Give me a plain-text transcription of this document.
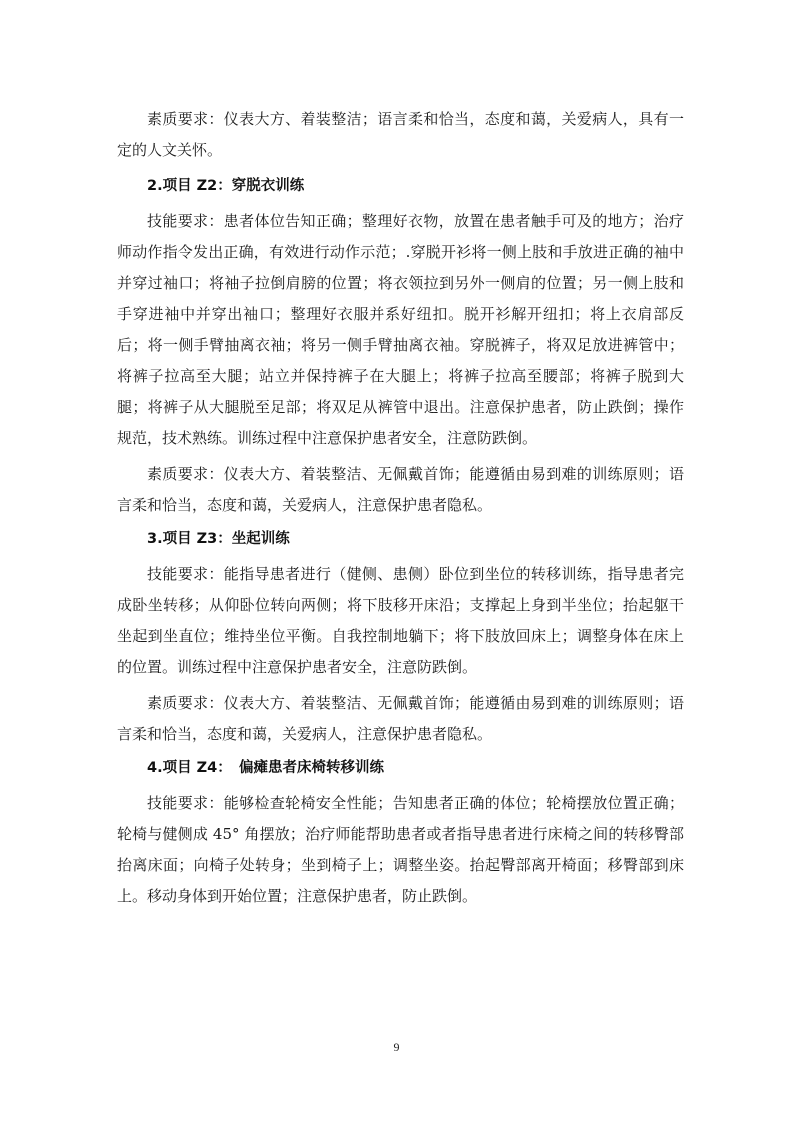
素质要求：仪表大方、着装整洁；语言柔和恰当，态度和蔼，关爱病人，具有一定的人文关怀。

2.项目 Z2：穿脱衣训练

技能要求：患者体位告知正确；整理好衣物，放置在患者触手可及的地方；治疗师动作指令发出正确，有效进行动作示范；.穿脱开衫将一侧上肢和手放进正确的袖中并穿过袖口；将袖子拉倒肩膀的位置；将衣领拉到另外一侧肩的位置；另一侧上肢和手穿进袖中并穿出袖口；整理好衣服并系好纽扣。脱开衫解开纽扣；将上衣肩部反后；将一侧手臂抽离衣袖；将另一侧手臂抽离衣袖。穿脱裤子，将双足放进裤管中；将裤子拉高至大腿；站立并保持裤子在大腿上；将裤子拉高至腰部；将裤子脱到大腿；将裤子从大腿脱至足部；将双足从裤管中退出。注意保护患者，防止跌倒；操作规范，技术熟练。训练过程中注意保护患者安全，注意防跌倒。

素质要求：仪表大方、着装整洁、无佩戴首饰；能遵循由易到难的训练原则；语言柔和恰当，态度和蔼，关爱病人，注意保护患者隐私。

3.项目 Z3：坐起训练

技能要求：能指导患者进行（健侧、患侧）卧位到坐位的转移训练，指导患者完成卧坐转移；从仰卧位转向两侧；将下肢移开床沿；支撑起上身到半坐位；抬起躯干坐起到坐直位；维持坐位平衡。自我控制地躺下；将下肢放回床上；调整身体在床上的位置。训练过程中注意保护患者安全，注意防跌倒。

素质要求：仪表大方、着装整洁、无佩戴首饰；能遵循由易到难的训练原则；语言柔和恰当，态度和蔼，关爱病人，注意保护患者隐私。

4.项目 Z4：　偏瘫患者床椅转移训练

技能要求：能够检查轮椅安全性能；告知患者正确的体位；轮椅摆放位置正确；轮椅与健侧成 45° 角摆放；治疗师能帮助患者或者指导患者进行床椅之间的转移臀部抬离床面；向椅子处转身；坐到椅子上；调整坐姿。抬起臀部离开椅面；移臀部到床上。移动身体到开始位置；注意保护患者，防止跌倒。

9
